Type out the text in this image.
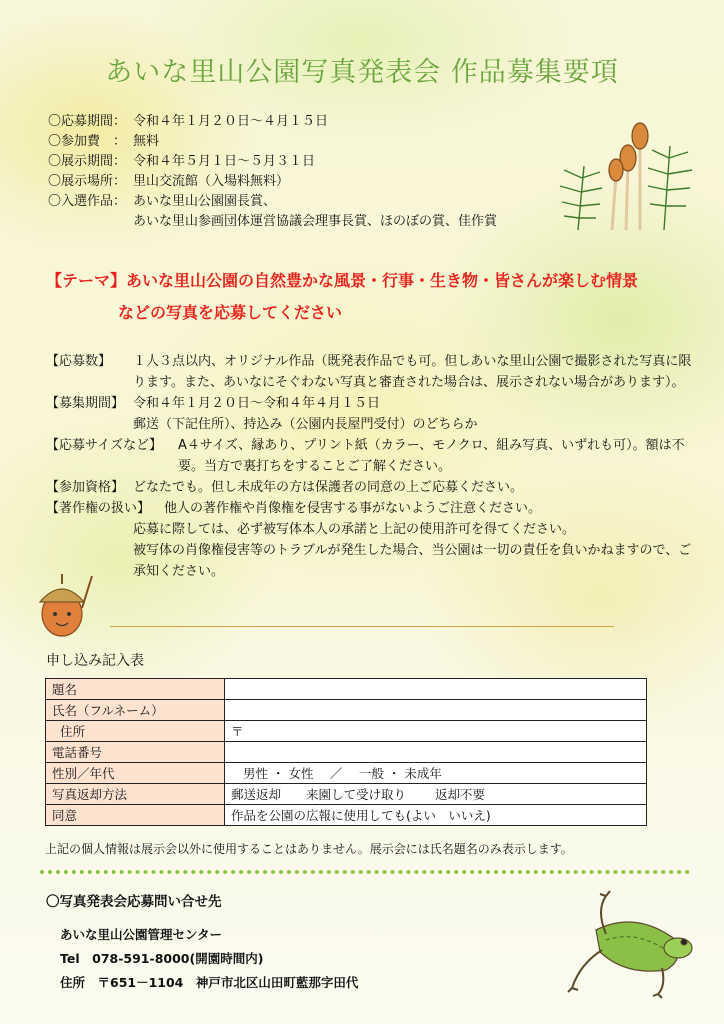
あいな里山公園写真発表会 作品募集要項
〇応募期間： 令和４年１月２０日～４月１５日
〇参加費　： 無料
〇展示期間： 令和４年５月１日～５月３１日
〇展示場所： 里山交流館（入場料無料）
〇入選作品： あいな里山公園園長賞、
あいな里山参画団体運営協議会理事長賞、ほのぼの賞、佳作賞
【テーマ】あいな里山公園の自然豊かな風景・行事・生き物・皆さんが楽しむ情景
などの写真を応募してください
【応募数】	１人３点以内、オリジナル作品（既発表作品でも可。但しあいな里山公園で撮影された写真に限ります。また、あいなにそぐわない写真と審査された場合は、展示されない場合があります）。
【募集期間】 令和４年１月２０日～令和４年４月１５日
郵送（下記住所）、持込み（公園内長屋門受付）のどちらか
【応募サイズなど】	A４サイズ、縁あり、プリント紙（カラー、モノクロ、組み写真、いずれも可）。額は不要。当方で裏打ちをすることご了解ください。
【参加資格】 どなたでも。但し未成年の方は保護者の同意の上ご応募ください。
【著作権の扱い】	他人の著作権や肖像権を侵害する事がないようご注意ください。
応募に際しては、必ず被写体本人の承諾と上記の使用許可を得てください。
被写体の肖像権侵害等のトラブルが発生した場合、当公園は一切の責任を負いかねますので、ご承知ください。
申し込み記入表
題名	
氏名（フルネーム）	
住所	〒
電話番号	
性別／年代	男性 ・ 女性　 ／　 一般 ・ 未成年
写真返却方法	郵送返却　　来園して受け取り　　 返却不要
同意	作品を公園の広報に使用しても(よい　いいえ)
上記の個人情報は展示会以外に使用することはありません。展示会には氏名題名のみ表示します。
〇写真発表会応募問い合せ先
あいな里山公園管理センター
Tel　078-591-8000(開園時間内)
住所　〒651－1104　神戸市北区山田町藍那字田代
